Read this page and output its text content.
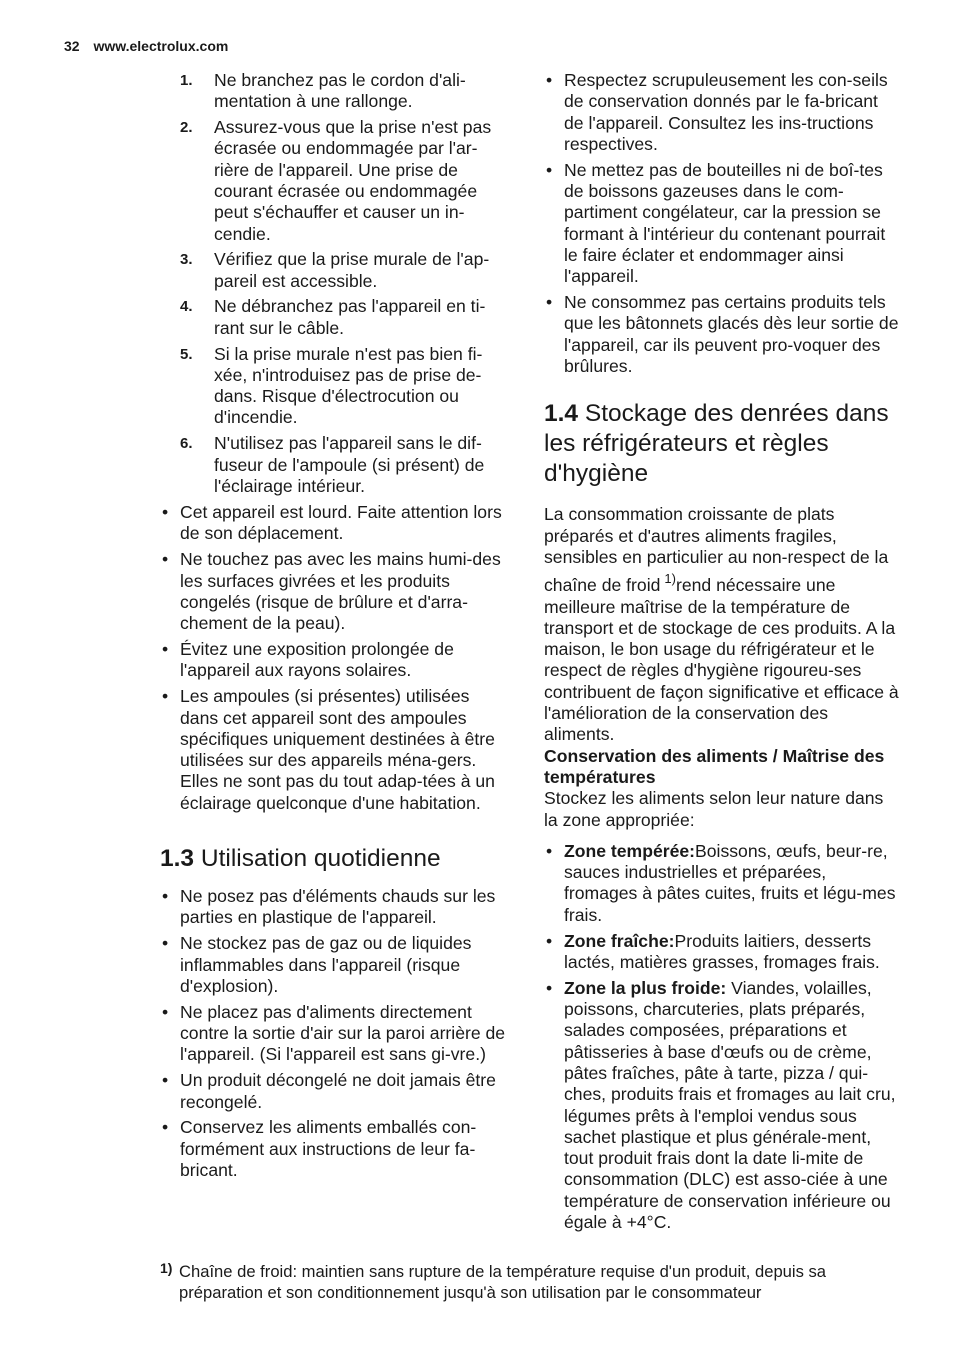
32 www.electrolux.com
1. Ne branchez pas le cordon d'ali-mentation à une rallonge.
2. Assurez-vous que la prise n'est pas écrasée ou endommagée par l'ar-rière de l'appareil. Une prise de courant écrasée ou endommagée peut s'échauffer et causer un in-cendie.
3. Vérifiez que la prise murale de l'ap-pareil est accessible.
4. Ne débranchez pas l'appareil en ti-rant sur le câble.
5. Si la prise murale n'est pas bien fi-xée, n'introduisez pas de prise de-dans. Risque d'électrocution ou d'incendie.
6. N'utilisez pas l'appareil sans le dif-fuseur de l'ampoule (si présent) de l'éclairage intérieur.
• Cet appareil est lourd. Faite attention lors de son déplacement.
• Ne touchez pas avec les mains humi-des les surfaces givrées et les produits congelés (risque de brûlure et d'arra-chement de la peau).
• Évitez une exposition prolongée de l'appareil aux rayons solaires.
• Les ampoules (si présentes) utilisées dans cet appareil sont des ampoules spécifiques uniquement destinées à être utilisées sur des appareils ména-gers. Elles ne sont pas du tout adap-tées à un éclairage quelconque d'une habitation.
1.3 Utilisation quotidienne
• Ne posez pas d'éléments chauds sur les parties en plastique de l'appareil.
• Ne stockez pas de gaz ou de liquides inflammables dans l'appareil (risque d'explosion).
• Ne placez pas d'aliments directement contre la sortie d'air sur la paroi arrière de l'appareil. (Si l'appareil est sans gi-vre.)
• Un produit décongelé ne doit jamais être recongelé.
• Conservez les aliments emballés con-formément aux instructions de leur fa-bricant.
• Respectez scrupuleusement les con-seils de conservation donnés par le fa-bricant de l'appareil. Consultez les ins-tructions respectives.
• Ne mettez pas de bouteilles ni de boî-tes de boissons gazeuses dans le com-partiment congélateur, car la pression se formant à l'intérieur du contenant pourrait le faire éclater et endommager ainsi l'appareil.
• Ne consommez pas certains produits tels que les bâtonnets glacés dès leur sortie de l'appareil, car ils peuvent pro-voquer des brûlures.
1.4 Stockage des denrées dans les réfrigérateurs et règles d'hygiène

La consommation croissante de plats préparés et d'autres aliments fragiles, sensibles en particulier au non-respect de la chaîne de froid $^{1)}$rend nécessaire une meilleure maîtrise de la température de transport et de stockage de ces produits. A la maison, le bon usage du réfrigérateur et le respect de règles d'hygiène rigoureu-ses contribuent de façon significative et efficace à l'amélioration de la conservation des aliments.

Conservation des aliments / Maîtrise des températures

Stockez les aliments selon leur nature dans la zone appropriée:

• Zone tempérée:Boissons, œufs, beur-re, sauces industrielles et préparées, fromages à pâtes cuites, fruits et légu-mes frais.
• Zone fraîche:Produits laitiers, desserts lactés, matières grasses, fromages frais.
• Zone la plus froide: Viandes, volailles, poissons, charcuteries, plats préparés, salades composées, préparations et pâtisseries à base d'œufs ou de crème, pâtes fraîches, pâte à tarte, pizza / qui-ches, produits frais et fromages au lait cru, légumes prêts à l'emploi vendus sous sachet plastique et plus générale-ment, tout produit frais dont la date li-mite de consommation (DLC) est asso-ciée à une température de conservation inférieure ou égale à +4°C.
1) Chaîne de froid: maintien sans rupture de la température requise d'un produit, depuis sa préparation et son conditionnement jusqu'à son utilisation par le consommateur
